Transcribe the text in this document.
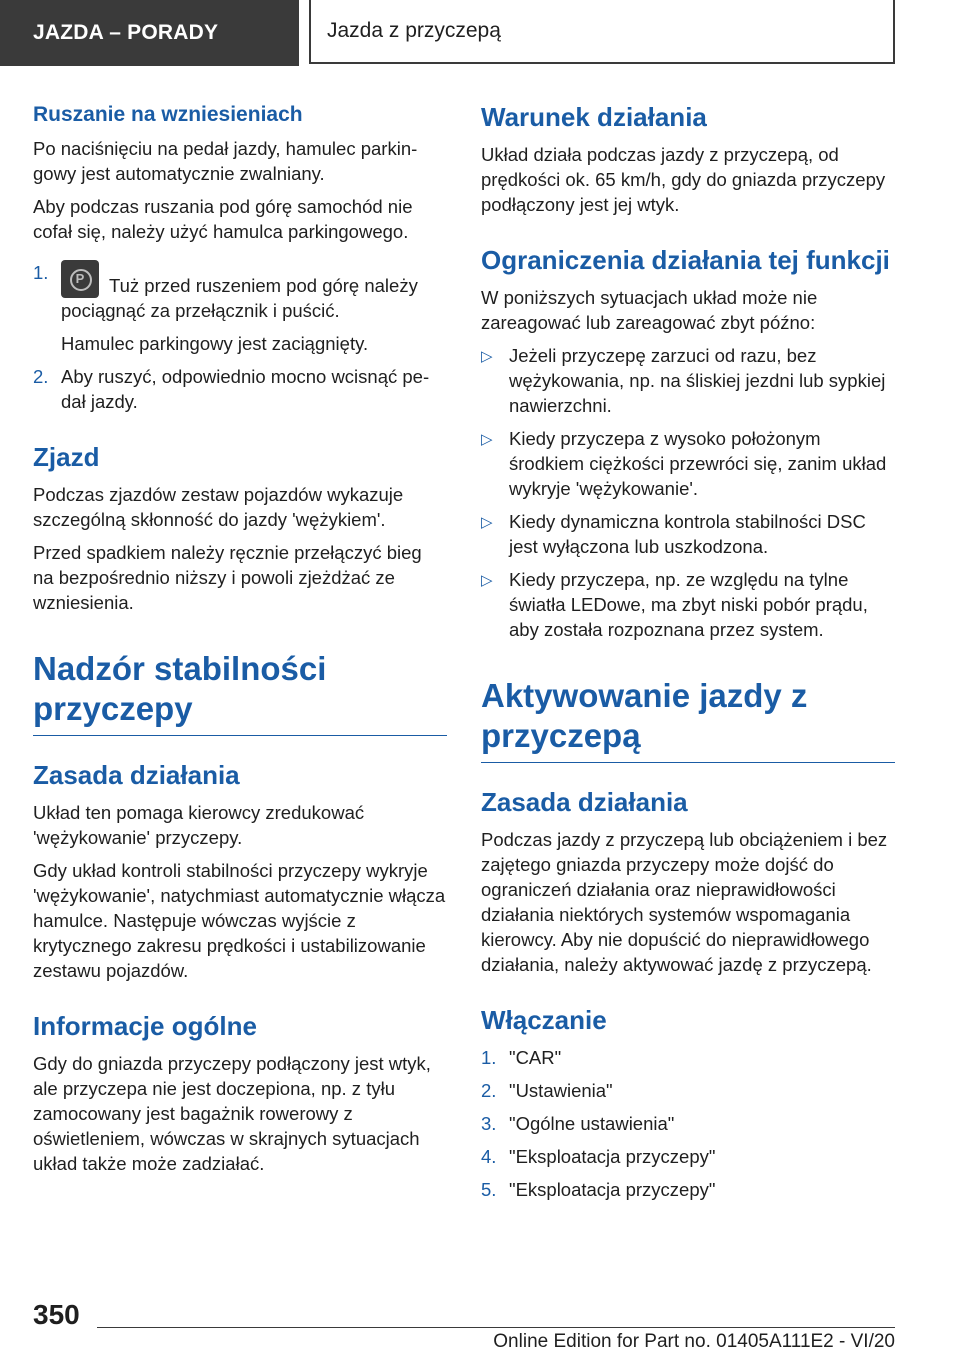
JAZDA – PORADY	Jazda z przyczepą
Ruszanie na wzniesieniach

Po naciśnięciu na pedał jazdy, hamulec parkin-gowy jest automatycznie zwalniany.

Aby podczas ruszania pod górę samochód nie cofał się, należy użyć hamulca parkingowego.

1.	P	Tuż przed ruszeniem pod górę należy pociągnąć za przełącznik i puścić.
Hamulec parkingowy jest zaciągnięty.
2. Aby ruszyć, odpowiednio mocno wcisnąć pe-dał jazdy.
Zjazd

Podczas zjazdów zestaw pojazdów wykazuje szczególną skłonność do jazdy 'wężykiem'.

Przed spadkiem należy ręcznie przełączyć bieg na bezpośrednio niższy i powoli zjeżdżać ze wzniesienia.

Nadzór stabilności przyczepy
Zasada działania

Układ ten pomaga kierowcy zredukować 'wężykowanie' przyczepy.

Gdy układ kontroli stabilności przyczepy wykryje 'wężykowanie', natychmiast automatycznie włącza hamulce. Następuje wówczas wyjście z krytycznego zakresu prędkości i ustabilizowanie zestawu pojazdów.

Informacje ogólne

Gdy do gniazda przyczepy podłączony jest wtyk, ale przyczepa nie jest doczepiona, np. z tyłu zamocowany jest bagażnik rowerowy z oświetleniem, wówczas w skrajnych sytuacjach układ także może zadziałać.

Warunek działania

Układ działa podczas jazdy z przyczepą, od prędkości ok. 65 km/h, gdy do gniazda przyczepy podłączony jest jej wtyk.

Ograniczenia działania tej funkcji

W poniższych sytuacjach układ może nie zareagować lub zareagować zbyt późno:

▷ Jeżeli przyczepę zarzuci od razu, bez wężykowania, np. na śliskiej jezdni lub sypkiej nawierzchni.
▷ Kiedy przyczepa z wysoko położonym środkiem ciężkości przewróci się, zanim układ wykryje 'wężykowanie'.
▷ Kiedy dynamiczna kontrola stabilności DSC jest wyłączona lub uszkodzona.
▷ Kiedy przyczepa, np. ze względu na tylne światła LEDowe, ma zbyt niski pobór prądu, aby została rozpoznana przez system.
Aktywowanie jazdy z przyczepą
Zasada działania

Podczas jazdy z przyczepą lub obciążeniem i bez zajętego gniazda przyczepy może dojść do ograniczeń działania oraz nieprawidłowości działania niektórych systemów wspomagania kierowcy. Aby nie dopuścić do nieprawidłowego działania, należy aktywować jazdę z przyczepą.

Włączanie
1. "CAR"
2. "Ustawienia"
3. "Ogólne ustawienia"
4. "Eksploatacja przyczepy"
5. "Eksploatacja przyczepy"
350
Online Edition for Part no. 01405A111E2 - VI/20
